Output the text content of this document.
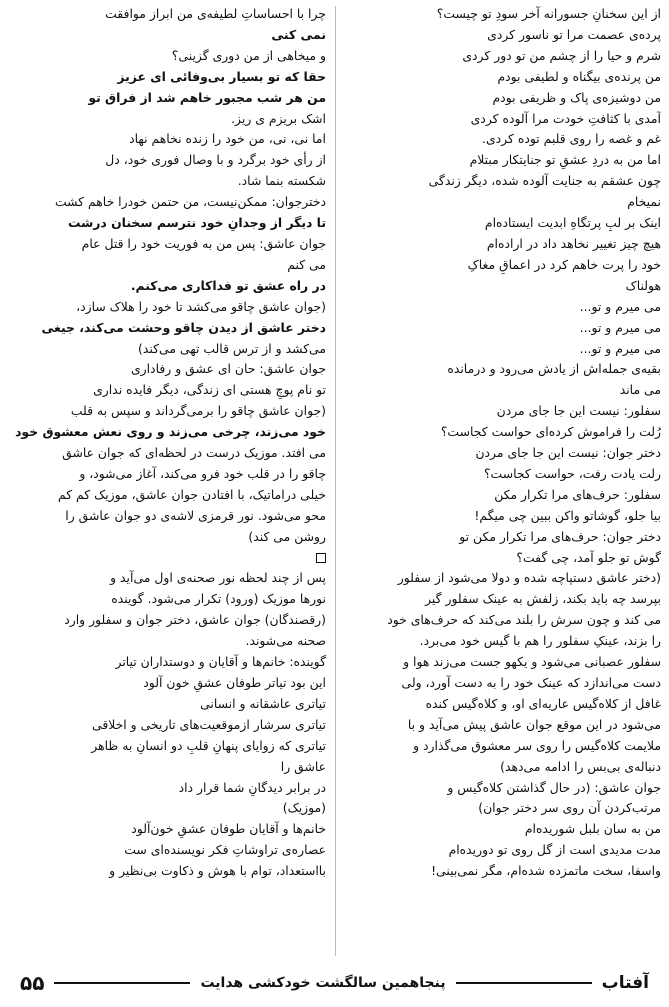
از این سخنانِ جسورانه آخر سودِ تو چیست؟
پرده‌ی عصمت مرا تو ناسور کردی
شرم و حیا را از چشم من تو دور کردی
من پرنده‌ی بیگناه و لطیفی بودم
من دوشیزه‌ی پاک و ظریفی بودم
آمدی با کثافتِ خودت مرا آلوده کردی
غم و غصه را روی قلبم توده کردی.
اما من به دردِ عشقِ تو جنایتکار مبتلام
چون عشقم به جنایت آلوده شده، دیگر زندگی
نمیخام
اینک بر لبِ پرتگاهِ ابدیت ایستاده‌ام
هیچ چیز تغییر نخاهد داد در اراده‌ام
خود را پرت خاهم کرد در اعماقِ مغاکِ
هولناک
می میرم و تو...
می میرم و تو...
می میرم و تو...
بقیه‌ی جمله‌اش از یادش می‌رود و درمانده
می ماند
سفلور: نیست این جا جای مردن
رُلت را فراموش کرده‌ای حواست کجاست؟
دختر جوان: نیست این جا جای مردن
رلت یادت رفت، حواست کجاست؟
سفلور: حرف‌های مرا تکرار مکن
بیا جلو، گوشاتو واکن ببین چی میگم!
دختر جوان: حرف‌های مرا تکرار مکن تو
گوش تو جلو آمد، چی گفت؟
(دختر عاشق دستپاچه شده و دولا می‌شود از سفلور
بپرسد چه باید بکند، زلفش به عینک سفلور گیر
می کند و چون سرش را بلند می‌کند که حرف‌های خود
را بزند، عینکِ سفلور را هم با گیس خود می‌برد.
سفلور عصبانی می‌شود و یکهو جست می‌زند هوا و
دست می‌اندازد که عینک خود را به دست آورد، ولی
غافل از کلاه‌گیس عاریه‌ای او، و کلاه‌گیس کنده
می‌شود در این موقع جوان عاشق پیش می‌آید و با
ملایمت کلاه‌گیس را روی سر معشوق می‌گذارد و
دنباله‌ی بی‌بس را ادامه می‌دهد)
جوان عاشق: (در حال گذاشتن کلاه‌گیس و
مرتب‌کردن آن روی سر دختر جوان)
من به سان بلبل شوریده‌ام
مدت مدیدی است از گل روی تو دوریده‌ام
واسفا، سخت ماتمزده شده‌ام، مگر نمی‌بینی!
چرا با احساساتِ لطیفه‌ی من ابراز موافقت
نمی کنی
و میخاهی از من دوری گزینی؟
حقا که تو بسیار بی‌وفائی ای عزیز
من هر شب مجبور خاهم شد از فراق تو
اشک بریزم ی ریز.
اما نی، نی، من خود را زنده نخاهم نهاد
از رأی خود برگرد و با وصال فوری خود، دل
شکسته بنما شاد.
دخترجوان: ممکن‌نیست، من حتمن خودرا خاهم کشت
تا دیگر از وجدانِ خود نترسم سخنان درشت
جوان عاشق: پس من به فوریت خود را قتل عام
می کنم
در راه عشق تو فداکاری می‌کنم.
(جوان عاشق چاقو می‌کشد تا خود را هلاک سازد،
دختر عاشق از دیدن چاقو وحشت می‌کند، جیغی
می‌کشد و از ترس قالب تهی می‌کند)
جوان عاشق: حان ای عشق و رفاداری
تو نام پوچِ هستی ای زندگی، دیگر فایده نداری
(جوان عاشق چاقو را برمی‌گرداند و سپس به قلب
خود می‌زند، چرخی می‌زند و روی نعش معشوق خود
می افتد. موزیک درست در لحظه‌ای که جوان عاشق
چاقو را در قلب خود فرو می‌کند، آغاز می‌شود، و
خیلی دراماتیک، با افتادن جوان عاشق، موزیک کم کم
محو می‌شود. نور قرمزی لاشه‌ی دو جوان عاشق را
روشن می کند)
پس از چند لحظه نور صحنه‌ی اول می‌آید و
نورها موزیک (ورود) تکرار می‌شود. گوینده
(رقصندگان) جوان عاشق، دختر جوان و سفلور وارد
صحنه می‌شوند.
گوینده: خانم‌ها و آقایان و دوستداران تیاتر
این بود تیاتر طوفان عشقِ خون آلود
تیاتری عاشقانه و انسانی
تیاتری سرشار ازموقعیت‌های تاریخی و اخلاقی
تیاتری که زوایای پنهانِ قلبِ دو انسانِ به ظاهر
عاشق را
در برابر دیدگانِ شما قرار داد
(موزیک)
خانم‌ها و آقایان طوفان عشقِ خون‌آلود
عصاره‌ی تراوشاتِ فکر نویسنده‌ای ست
بااستعداد، توام با هوش و ذکاوت بی‌نظیر و
آفتاب
پنجاهمین سالگشت خودکشی هدایت
۵۵
